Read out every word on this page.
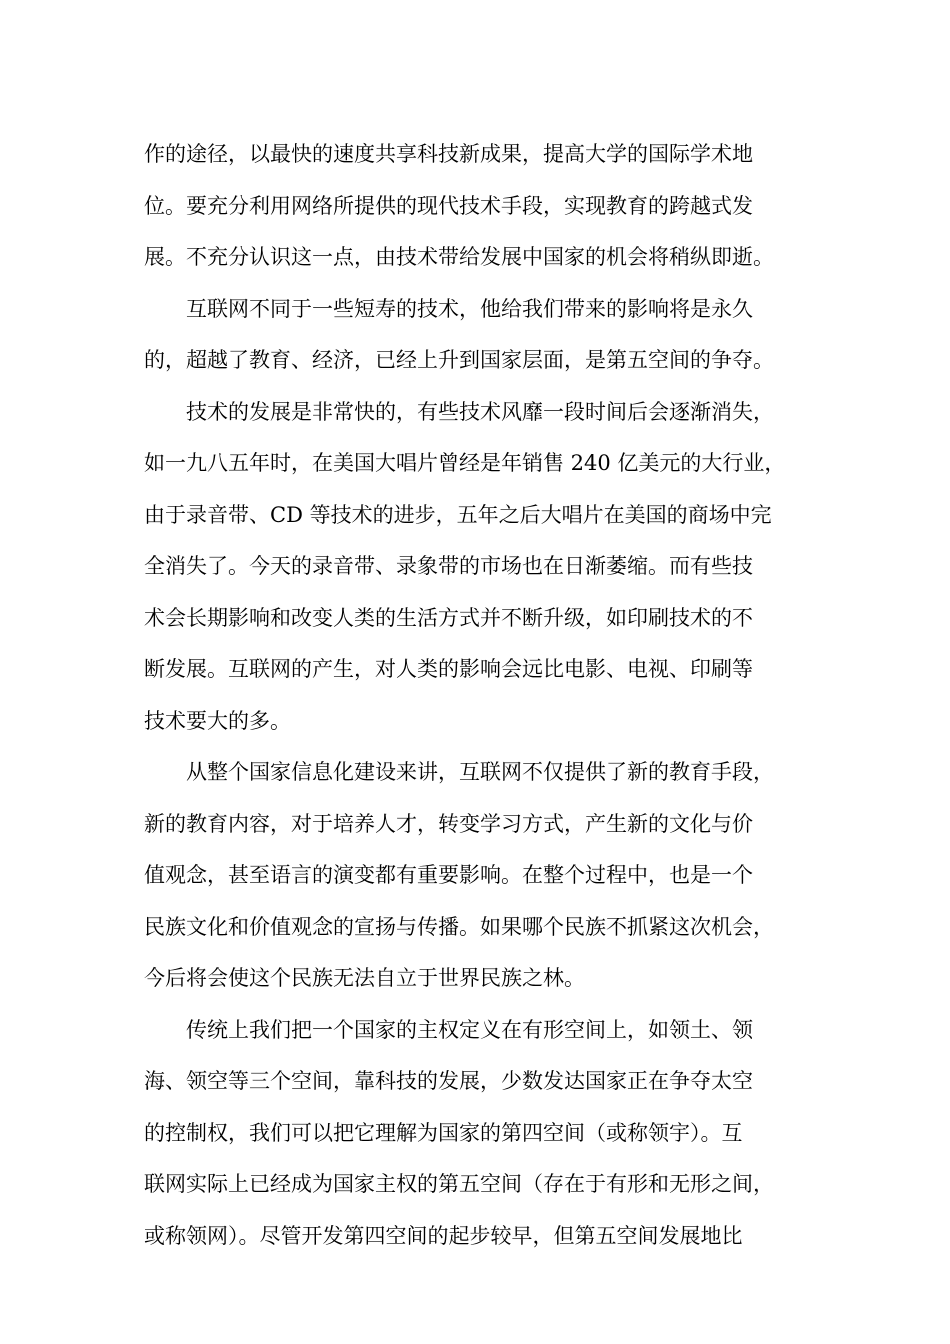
作的途径，以最快的速度共享科技新成果，提高大学的国际学术地
位。要充分利用网络所提供的现代技术手段，实现教育的跨越式发
展。不充分认识这一点，由技术带给发展中国家的机会将稍纵即逝。
互联网不同于一些短寿的技术，他给我们带来的影响将是永久
的，超越了教育、经济，已经上升到国家层面，是第五空间的争夺。
技术的发展是非常快的，有些技术风靡一段时间后会逐渐消失，
如一九八五年时，在美国大唱片曾经是年销售 240 亿美元的大行业，
由于录音带、CD 等技术的进步，五年之后大唱片在美国的商场中完
全消失了。今天的录音带、录象带的市场也在日渐萎缩。而有些技
术会长期影响和改变人类的生活方式并不断升级，如印刷技术的不
断发展。互联网的产生，对人类的影响会远比电影、电视、印刷等
技术要大的多。
从整个国家信息化建设来讲，互联网不仅提供了新的教育手段，
新的教育内容，对于培养人才，转变学习方式，产生新的文化与价
值观念，甚至语言的演变都有重要影响。在整个过程中，也是一个
民族文化和价值观念的宣扬与传播。如果哪个民族不抓紧这次机会，
今后将会使这个民族无法自立于世界民族之林。
传统上我们把一个国家的主权定义在有形空间上，如领土、领
海、领空等三个空间，靠科技的发展，少数发达国家正在争夺太空
的控制权，我们可以把它理解为国家的第四空间（或称领宇）。互
联网实际上已经成为国家主权的第五空间（存在于有形和无形之间，
或称领网）。尽管开发第四空间的起步较早，但第五空间发展地比
